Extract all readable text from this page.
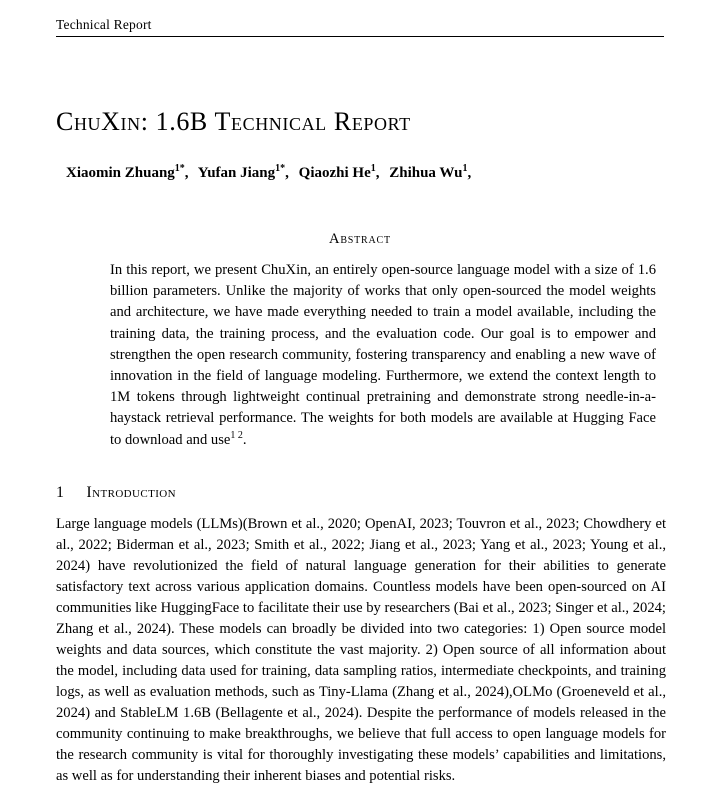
Technical Report
ChuXin: 1.6B Technical Report
Xiaomin Zhuang$^{1*}$, Yufan Jiang$^{1*}$, Qiaozhi He$^1$, Zhihua Wu$^1$,
Abstract
In this report, we present ChuXin, an entirely open-source language model with a size of 1.6 billion parameters. Unlike the majority of works that only open-sourced the model weights and architecture, we have made everything needed to train a model available, including the training data, the training process, and the evaluation code. Our goal is to empower and strengthen the open research community, fostering transparency and enabling a new wave of innovation in the field of language modeling. Furthermore, we extend the context length to 1M tokens through lightweight continual pretraining and demonstrate strong needle-in-a-haystack retrieval performance. The weights for both models are available at Hugging Face to download and use$^{1 2}$.
1 Introduction
Large language models (LLMs)(Brown et al., 2020; OpenAI, 2023; Touvron et al., 2023; Chowdhery et al., 2022; Biderman et al., 2023; Smith et al., 2022; Jiang et al., 2023; Yang et al., 2023; Young et al., 2024) have revolutionized the field of natural language generation for their abilities to generate satisfactory text across various application domains. Countless models have been open-sourced on AI communities like HuggingFace to facilitate their use by researchers (Bai et al., 2023; Singer et al., 2024; Zhang et al., 2024). These models can broadly be divided into two categories: 1) Open source model weights and data sources, which constitute the vast majority. 2) Open source of all information about the model, including data used for training, data sampling ratios, intermediate checkpoints, and training logs, as well as evaluation methods, such as Tiny-Llama (Zhang et al., 2024),OLMo (Groeneveld et al., 2024) and StableLM 1.6B (Bellagente et al., 2024). Despite the performance of models released in the community continuing to make breakthroughs, we believe that full access to open language models for the research community is vital for thoroughly investigating these models’ capabilities and limitations, as well as for understanding their inherent biases and potential risks.
